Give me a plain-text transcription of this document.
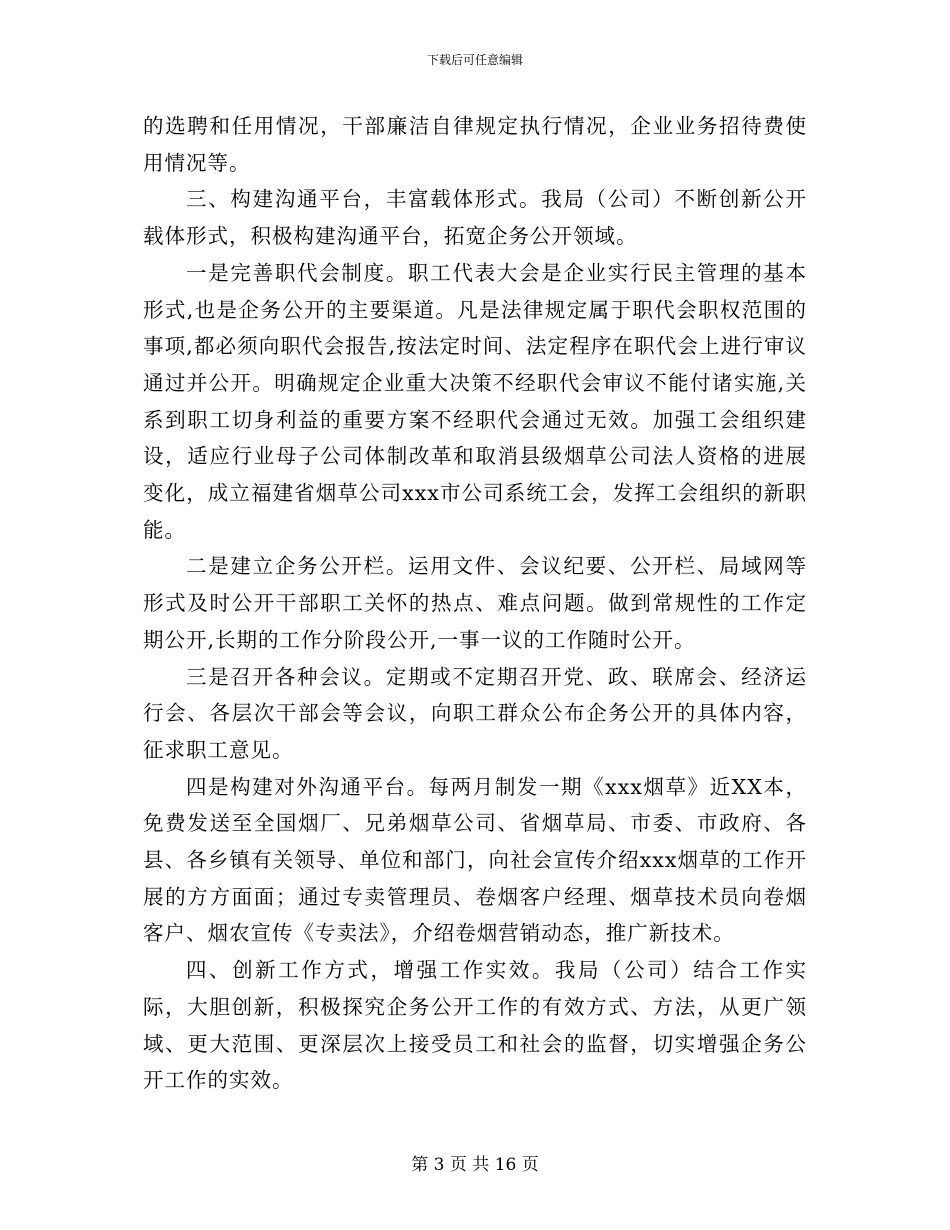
下载后可任意编辑

的选聘和任用情况，干部廉洁自律规定执行情况，企业业务招待费使用情况等。

三、构建沟通平台，丰富载体形式。我局（公司）不断创新公开载体形式，积极构建沟通平台，拓宽企务公开领域。

一是完善职代会制度。职工代表大会是企业实行民主管理的基本形式,也是企务公开的主要渠道。凡是法律规定属于职代会职权范围的事项,都必须向职代会报告,按法定时间、法定程序在职代会上进行审议通过并公开。明确规定企业重大决策不经职代会审议不能付诸实施,关系到职工切身利益的重要方案不经职代会通过无效。加强工会组织建设，适应行业母子公司体制改革和取消县级烟草公司法人资格的进展变化，成立福建省烟草公司xxx市公司系统工会，发挥工会组织的新职能。

二是建立企务公开栏。运用文件、会议纪要、公开栏、局域网等形式及时公开干部职工关怀的热点、难点问题。做到常规性的工作定期公开,长期的工作分阶段公开,一事一议的工作随时公开。

三是召开各种会议。定期或不定期召开党、政、联席会、经济运行会、各层次干部会等会议，向职工群众公布企务公开的具体内容，征求职工意见。

四是构建对外沟通平台。每两月制发一期《xxx烟草》近XX本，免费发送至全国烟厂、兄弟烟草公司、省烟草局、市委、市政府、各县、各乡镇有关领导、单位和部门，向社会宣传介绍xxx烟草的工作开展的方方面面；通过专卖管理员、卷烟客户经理、烟草技术员向卷烟客户、烟农宣传《专卖法》，介绍卷烟营销动态，推广新技术。

四、创新工作方式，增强工作实效。我局（公司）结合工作实际，大胆创新，积极探究企务公开工作的有效方式、方法，从更广领域、更大范围、更深层次上接受员工和社会的监督，切实增强企务公开工作的实效。

第 3 页 共 16 页
